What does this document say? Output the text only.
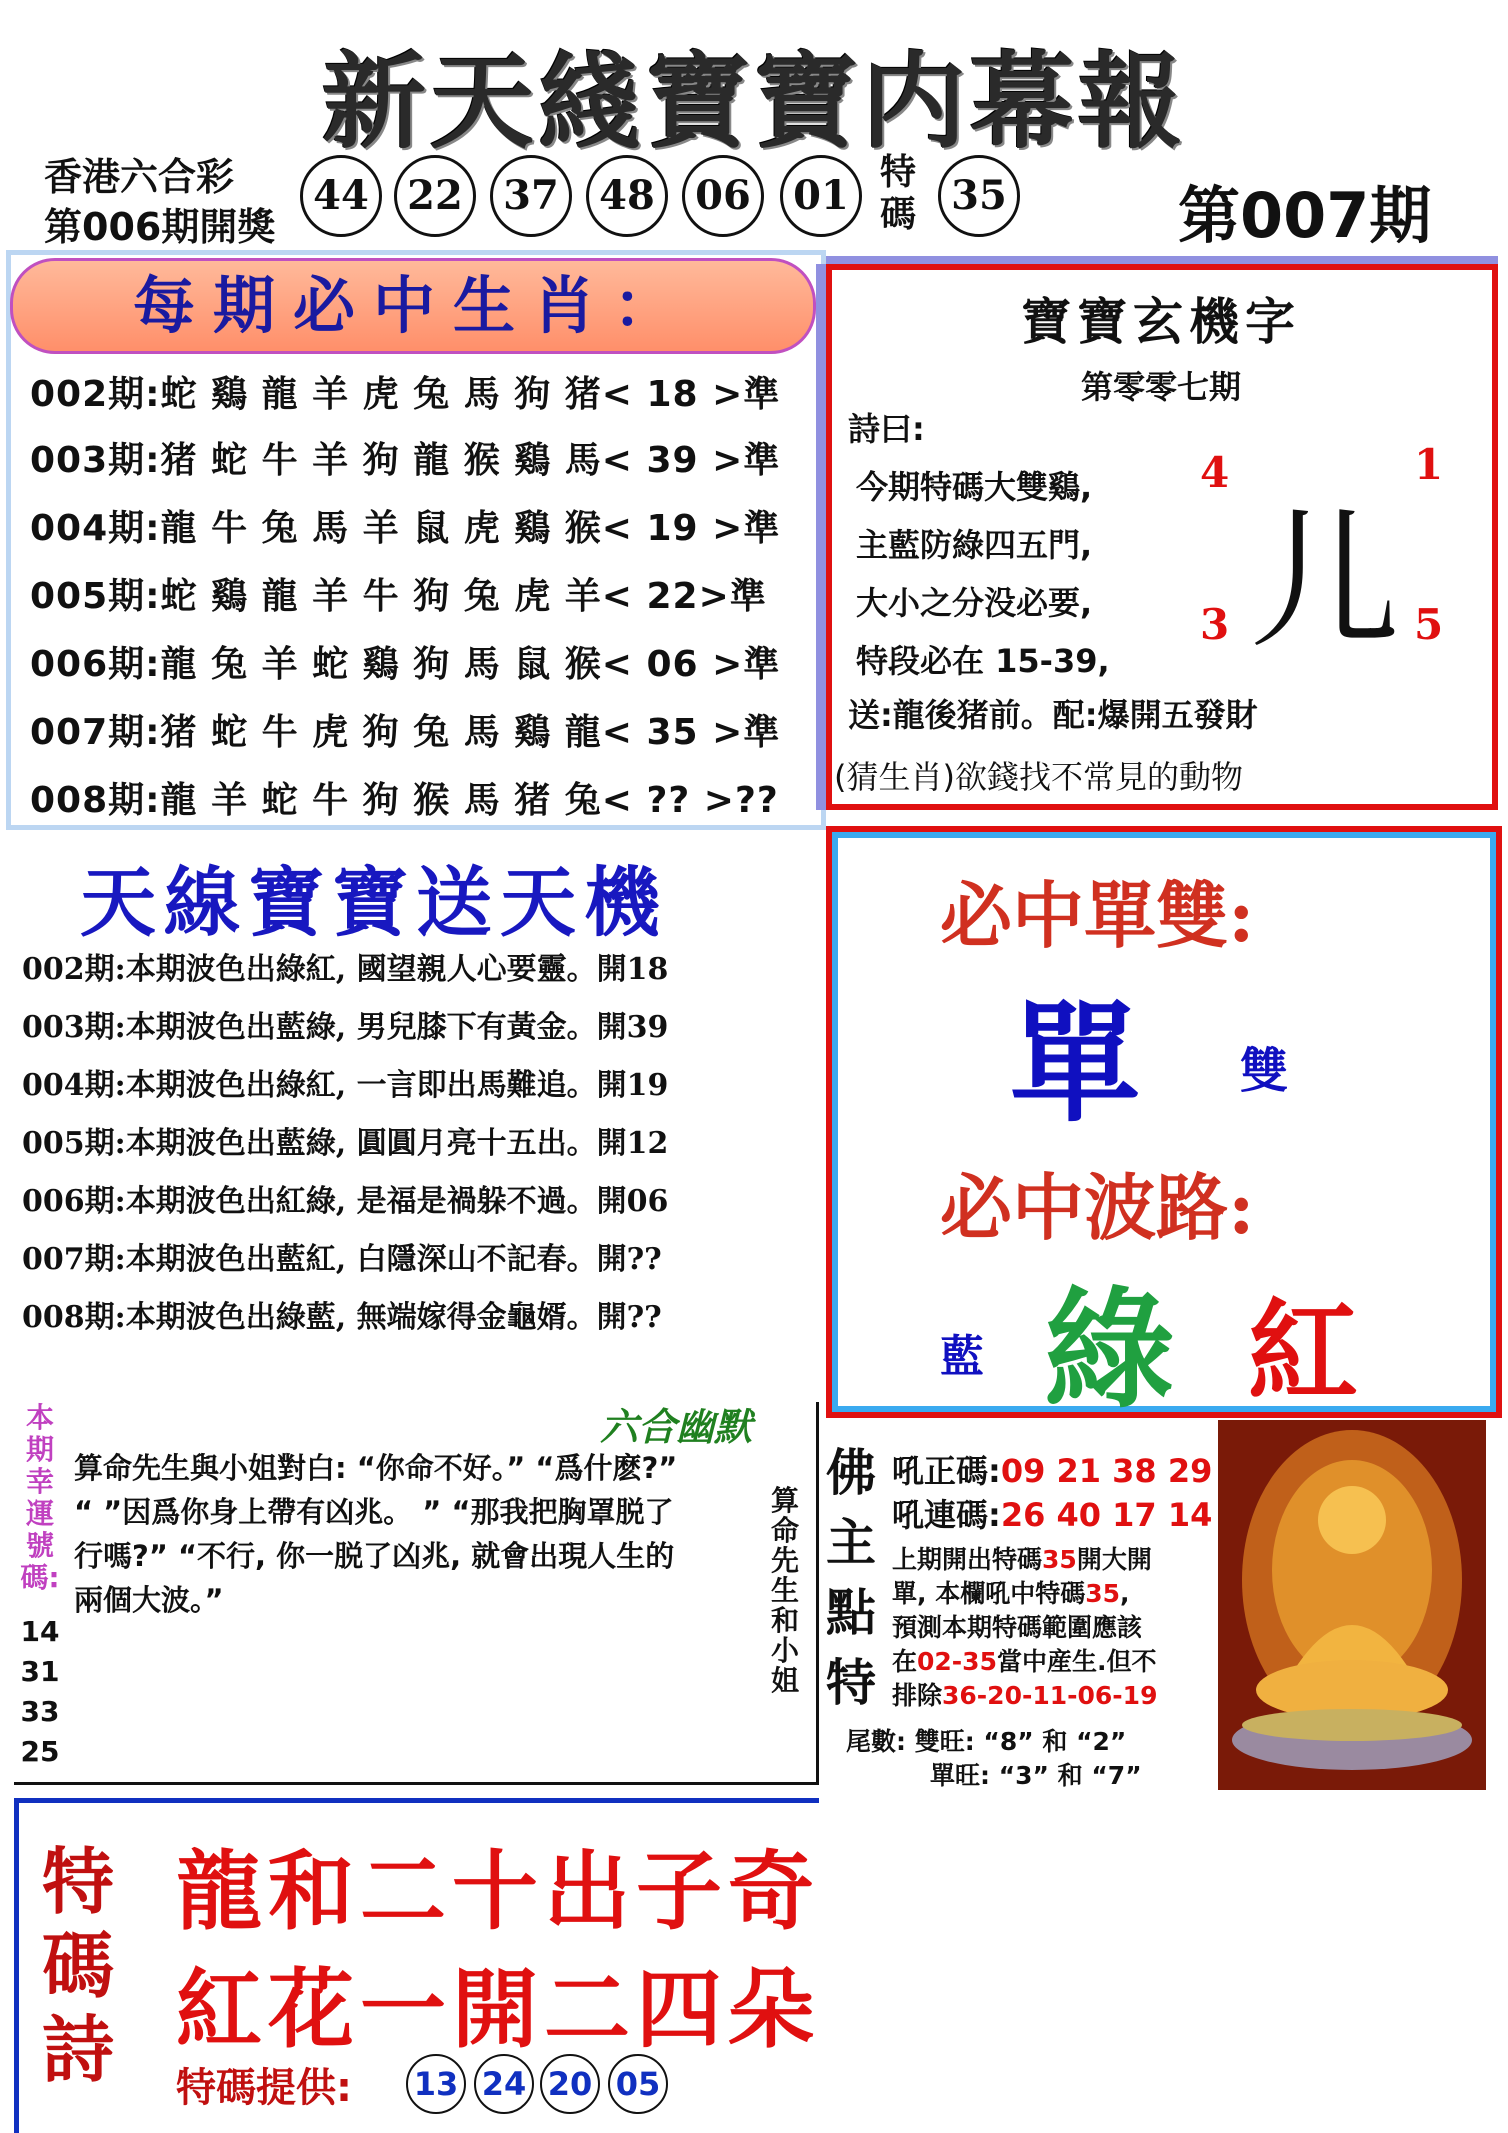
新天綫寶寶内幕報
香港六合彩
第006期開獎
44 22	37	48	06	01 特
碼 35	第007期
每期必中生肖：
002期:蛇 鷄 龍 羊 虎 兔 馬 狗 猪< 18 >準
003期:猪 蛇 牛 羊 狗 龍 猴 鷄 馬< 39 >準
004期:龍 牛 兔 馬 羊 鼠 虎 鷄 猴< 19 >準
005期:蛇 鷄 龍 羊 牛 狗 兔 虎 羊< 22>準
006期:龍 兔 羊 蛇 鷄 狗 馬 鼠 猴< 06 >準
007期:猪 蛇 牛 虎 狗 兔 馬 鷄 龍< 35 >準
008期:龍 羊 蛇 牛 狗 猴 馬 猪 兔< ?? >??
寶寶玄機字
第零零七期
詩曰:
今期特碼大雙鷄,
主藍防綠四五門,
大小之分没必要,
特段必在 15-39,
送:龍後猪前。配:爆開五發財
(猜生肖)欲錢找不常見的動物
4	1
3	5
儿
天線寶寶送天機
002期:本期波色出綠紅, 國望親人心要靈。開18
003期:本期波色出藍綠, 男兒膝下有黃金。開39
004期:本期波色出綠紅, 一言即出馬難追。開19
005期:本期波色出藍綠, 圓圓月亮十五出。開12
006期:本期波色出紅綠, 是福是禍躲不過。開06
007期:本期波色出藍紅, 白隱深山不記春。開??
008期:本期波色出綠藍, 無端嫁得金龜婿。開??
必中單雙:
單 雙
必中波路:
藍 綠 紅
本期幸運號碼:
14
31
33
25
六合幽默
算命先生與小姐對白: “你命不好。” “爲什麽?”
“ ”因爲你身上帶有凶兆。 ” “那我把胸罩脱了
行嗎?” “不行, 你一脱了凶兆, 就會出現人生的
兩個大波。”
算命先生和小姐
佛主點特
吼正碼:09 21 38 29
吼連碼:26 40 17 14
上期開出特碼35開大開
單, 本欄吼中特碼35,
預測本期特碼範圍應該
在02-35當中産生.但不
排除36-20-11-06-19
尾數: 雙旺: “8” 和 “2”
單旺: “3” 和 “7”
特
碼
詩
龍和二十出子奇
紅花一開二四朵
特碼提供: 13 24 20 05
